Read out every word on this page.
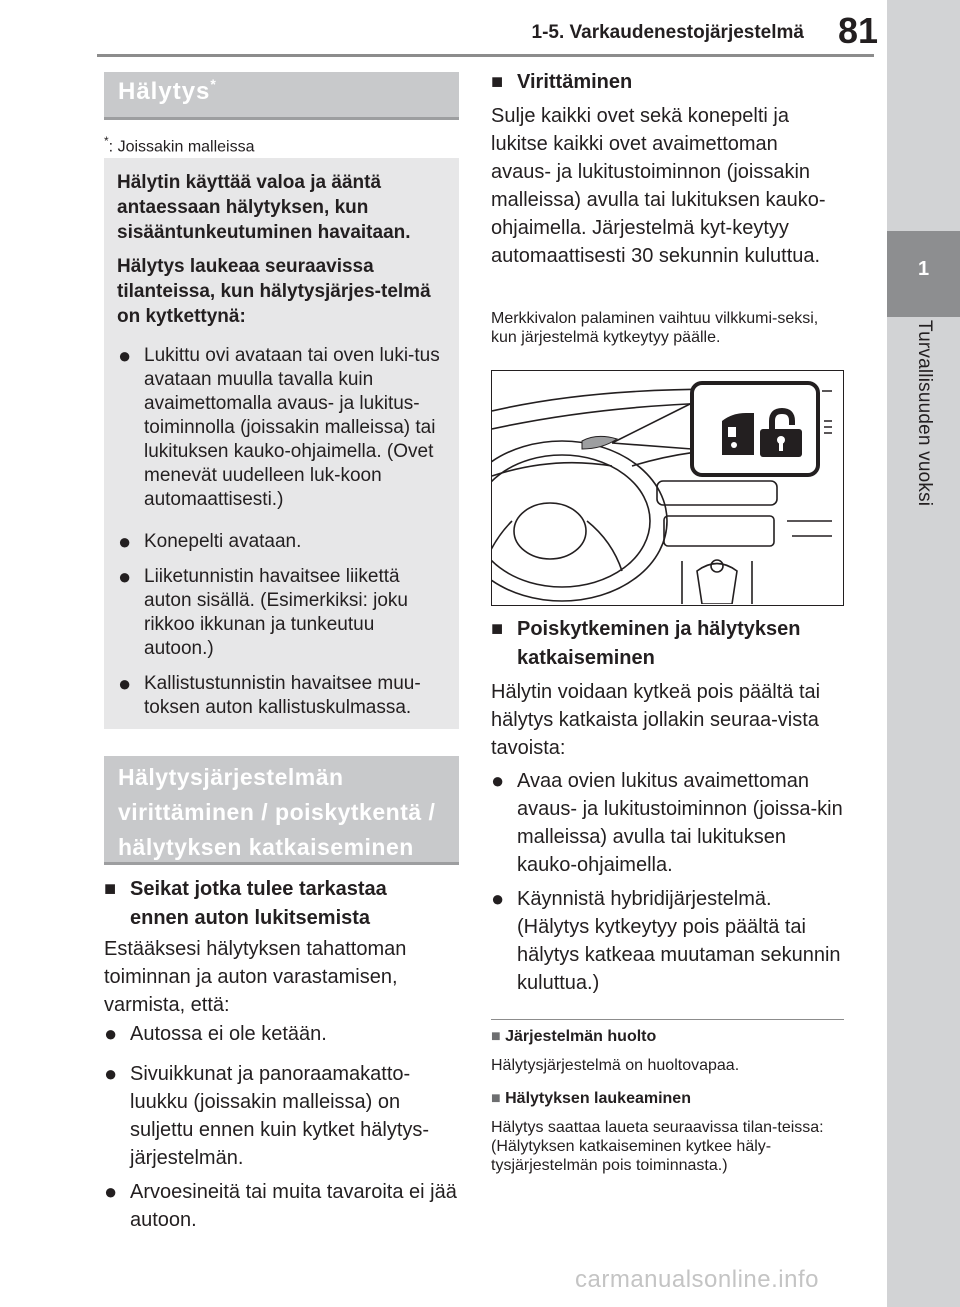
1-5. Varkaudenestojärjestelmä 81
1
Turvallisuuden vuoksi
Hälytys*
*: Joissakin malleissa
Hälytin käyttää valoa ja ääntä antaessaan hälytyksen, kun sisääntunkeutuminen havaitaan.
Hälytys laukeaa seuraavissa tilanteissa, kun hälytysjärjes-telmä on kytkettynä:
● Lukittu ovi avataan tai oven luki-tus avataan muulla tavalla kuin avaimettomalla avaus- ja lukitus-toiminnolla (joissakin malleissa) tai lukituksen kauko-ohjaimella. (Ovet menevät uudelleen luk-koon automaattisesti.)
● Konepelti avataan.
● Liiketunnistin havaitsee liikettä auton sisällä. (Esimerkiksi: joku rikkoo ikkunan ja tunkeutuu autoon.)
● Kallistustunnistin havaitsee muu-toksen auton kallistuskulmassa.
Hälytysjärjestelmän virittäminen / poiskytkentä / hälytyksen katkaiseminen
■ Seikat jotka tulee tarkastaa ennen auton lukitsemista
Estääksesi hälytyksen tahattoman toiminnan ja auton varastamisen, varmista, että:
● Autossa ei ole ketään.
● Sivuikkunat ja panoraamakatto-luukku (joissakin malleissa) on suljettu ennen kuin kytket hälytys-järjestelmän.
● Arvoesineitä tai muita tavaroita ei jää autoon.
■ Virittäminen
Sulje kaikki ovet sekä konepelti ja lukitse kaikki ovet avaimettoman avaus- ja lukitustoiminnon (joissakin malleissa) avulla tai lukituksen kauko-ohjaimella. Järjestelmä kyt-keytyy automaattisesti 30 sekunnin kuluttua.
Merkkivalon palaminen vaihtuu vilkkumi-seksi, kun järjestelmä kytkeytyy päälle.
■ Poiskytkeminen ja hälytyksen katkaiseminen
Hälytin voidaan kytkeä pois päältä tai hälytys katkaista jollakin seuraa-vista tavoista:
● Avaa ovien lukitus avaimettoman avaus- ja lukitustoiminnon (joissa-kin malleissa) avulla tai lukituksen kauko-ohjaimella.
● Käynnistä hybridijärjestelmä. (Hälytys kytkeytyy pois päältä tai hälytys katkeaa muutaman sekunnin kuluttua.)
■ Järjestelmän huolto
Hälytysjärjestelmä on huoltovapaa.
■ Hälytyksen laukeaminen
Hälytys saattaa laueta seuraavissa tilan-teissa: (Hälytyksen katkaiseminen kytkee häly-tysjärjestelmän pois toiminnasta.)
carmanualsonline.info
